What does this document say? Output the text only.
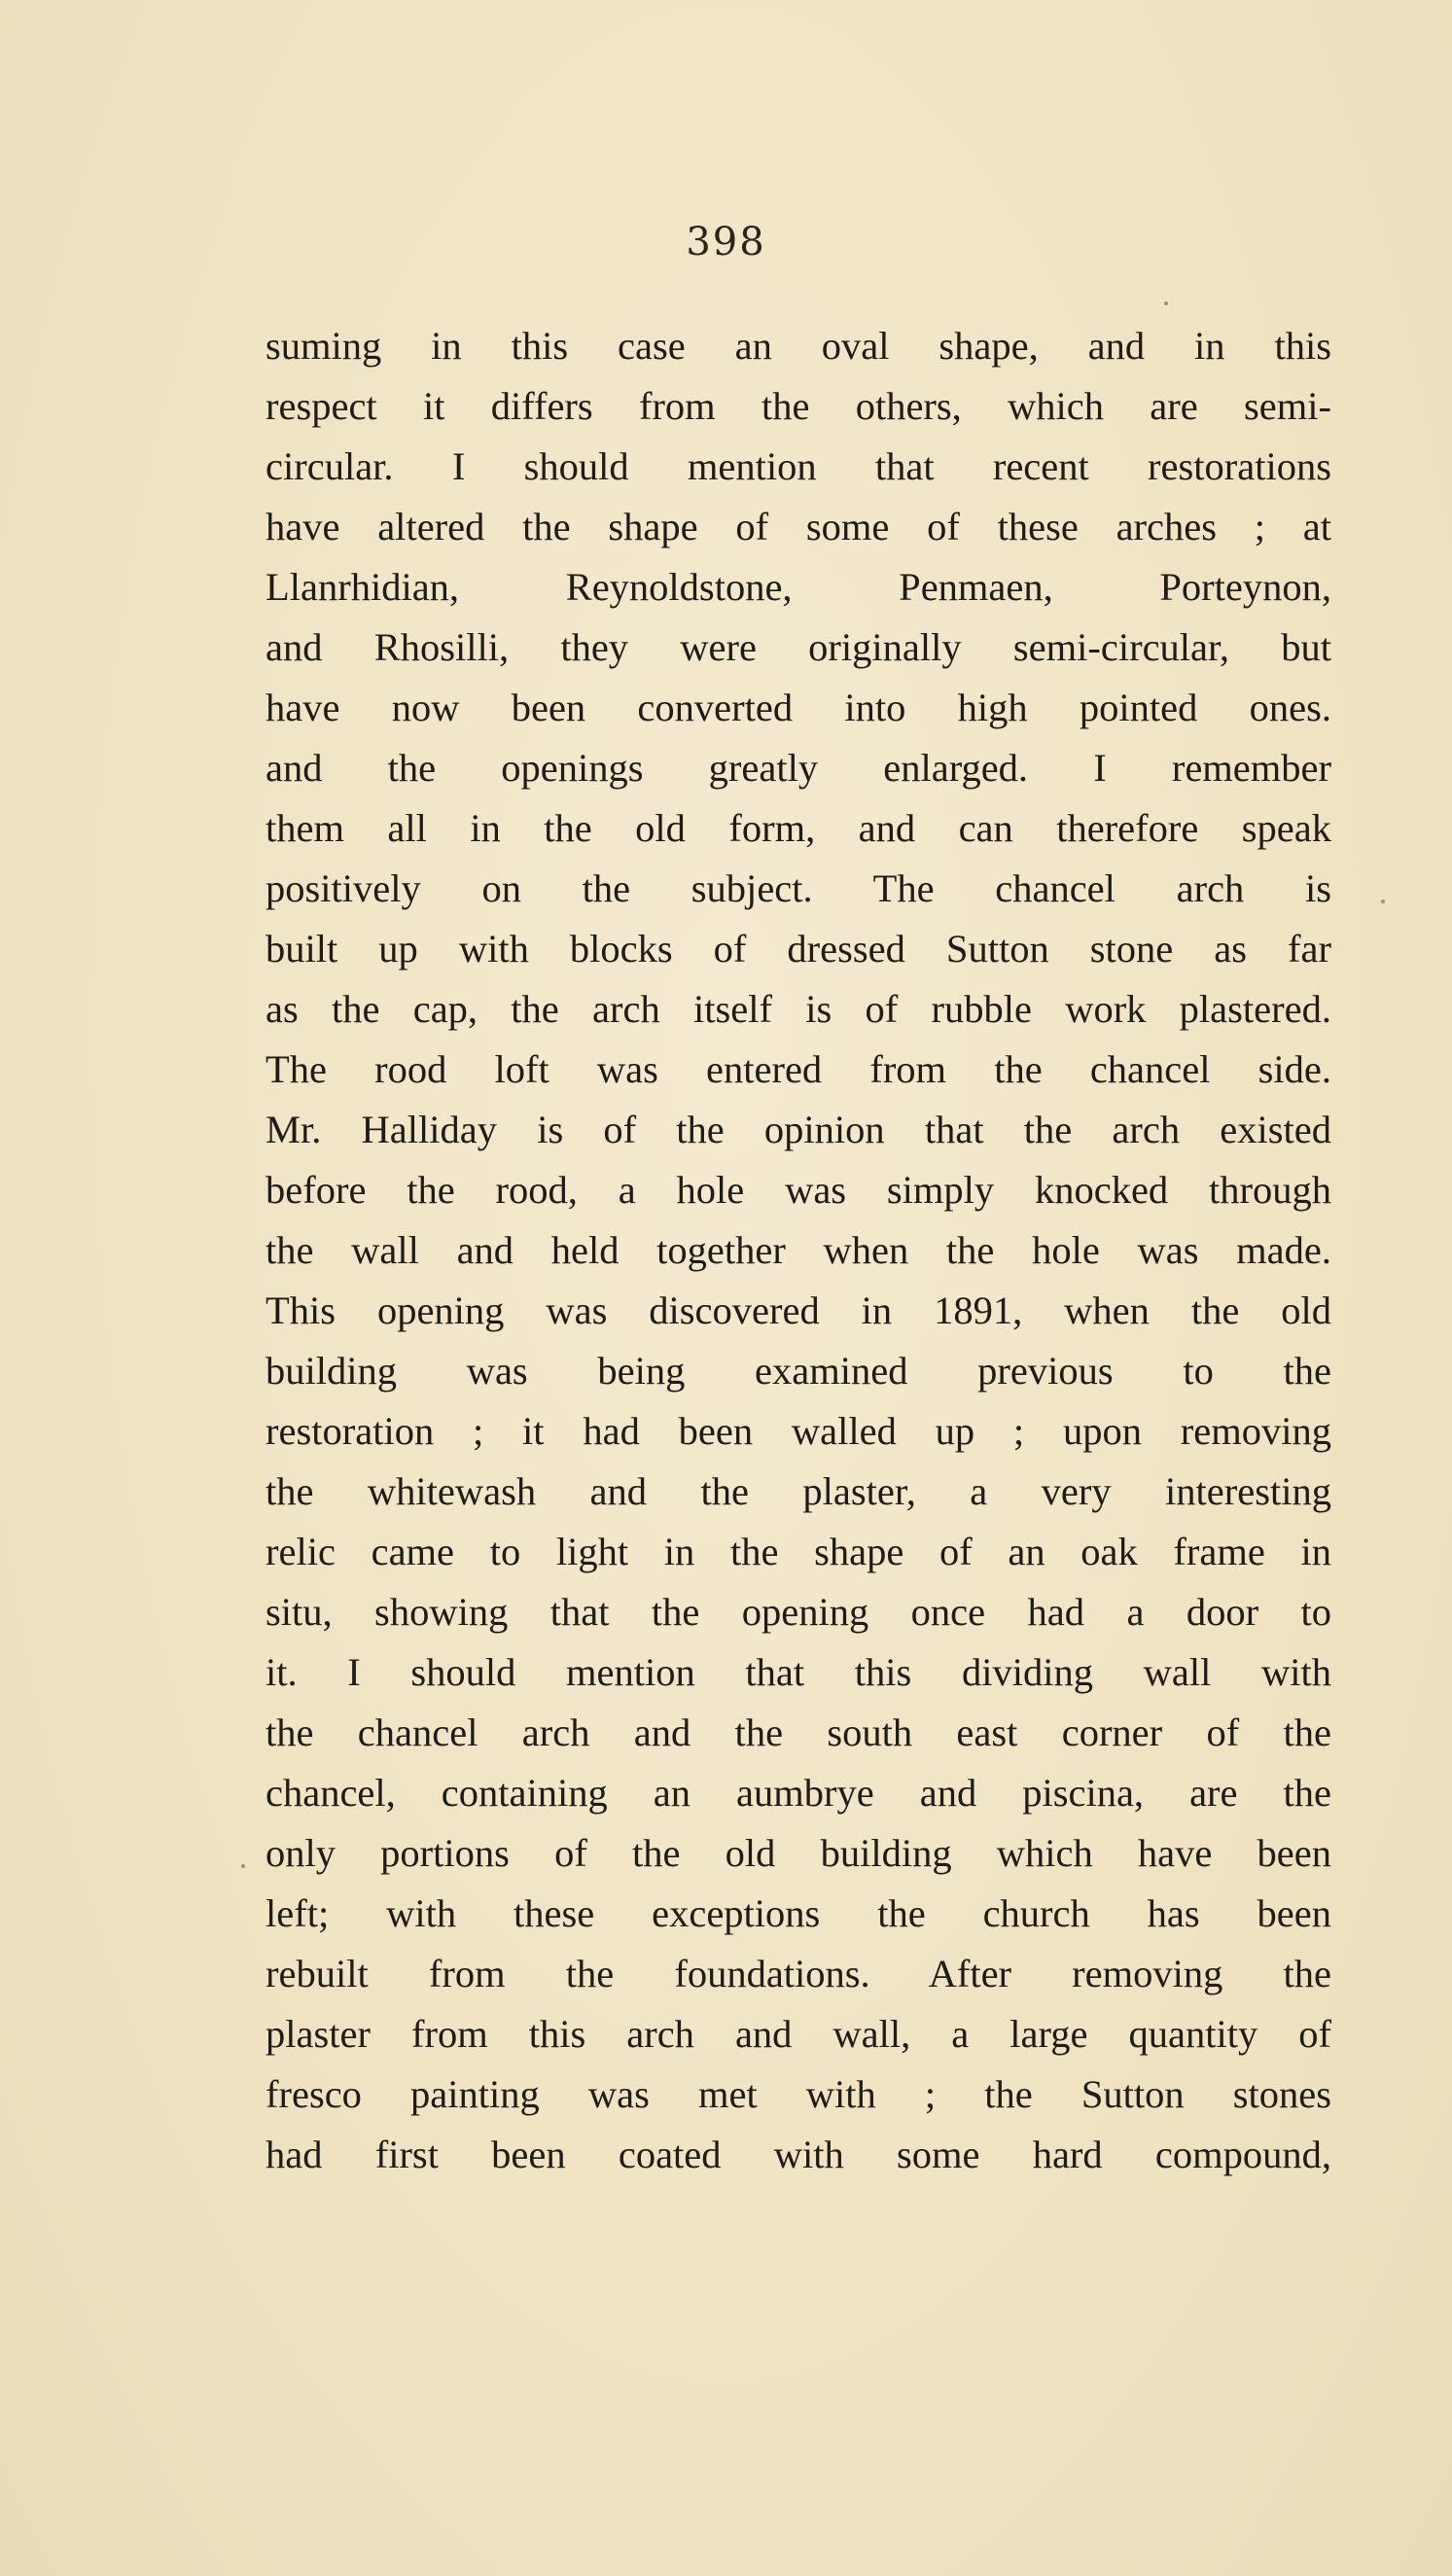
398
suming in this case an oval shape, and in this
respect it differs from the others, which are semi-
circular. I should mention that recent restorations
have altered the shape of some of these arches ; at
Llanrhidian, Reynoldstone, Penmaen, Porteynon,
and Rhosilli, they were originally semi-circular, but
have now been converted into high pointed ones.
and the openings greatly enlarged. I remember
them all in the old form, and can therefore speak
positively on the subject. The chancel arch is
built up with blocks of dressed Sutton stone as far
as the cap, the arch itself is of rubble work plastered.
The rood loft was entered from the chancel side.
Mr. Halliday is of the opinion that the arch existed
before the rood, a hole was simply knocked through
the wall and held together when the hole was made.
This opening was discovered in 1891, when the old
building was being examined previous to the
restoration ; it had been walled up ; upon removing
the whitewash and the plaster, a very interesting
relic came to light in the shape of an oak frame in
situ, showing that the opening once had a door to
it. I should mention that this dividing wall with
the chancel arch and the south east corner of the
chancel, containing an aumbrye and piscina, are the
only portions of the old building which have been
left; with these exceptions the church has been
rebuilt from the foundations. After removing the
plaster from this arch and wall, a large quantity of
fresco painting was met with ; the Sutton stones
had first been coated with some hard compound,
